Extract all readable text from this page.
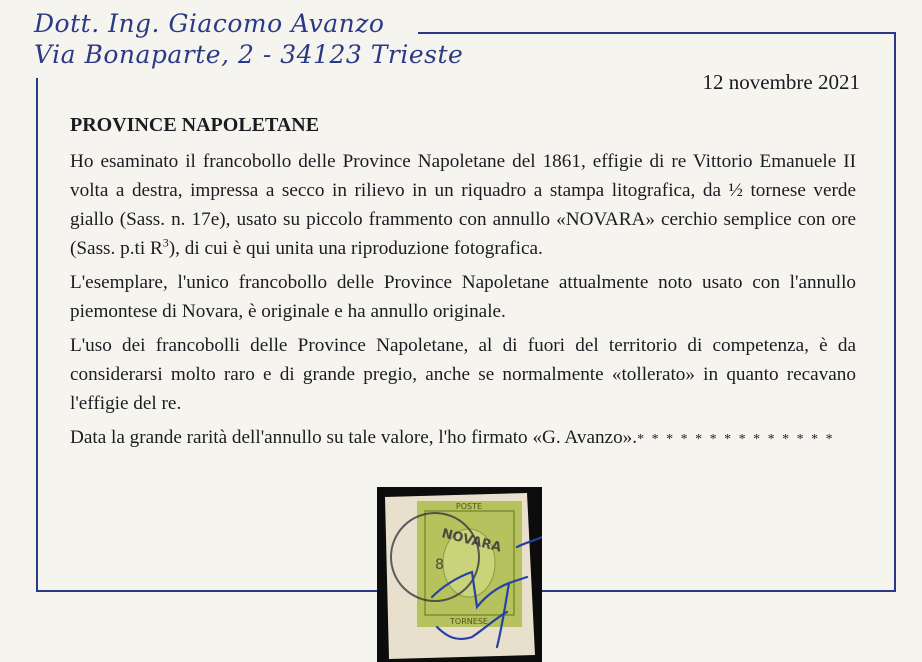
Dott. Ing. Giacomo Avanzo
Via Bonaparte, 2 - 34123 Trieste
12 novembre 2021
PROVINCE NAPOLETANE

Ho esaminato il francobollo delle Province Napoletane del 1861, effigie di re Vittorio Emanuele II volta a destra, impressa a secco in rilievo in un riquadro a stampa litografica, da ½ tornese verde giallo (Sass. n. 17e), usato su piccolo frammento con annullo «NOVARA» cerchio semplice con ore (Sass. p.ti $R^3$), di cui è qui unita una riproduzione fotografica.

L'esemplare, l'unico francobollo delle Province Napoletane attualmente noto usato con l'annullo piemontese di Novara, è originale e ha annullo originale.

L'uso dei francobolli delle Province Napoletane, al di fuori del territorio di competenza, è da considerarsi molto raro e di grande pregio, anche se normalmente «tollerato» in quanto recavano l'effigie del re.

Data la grande rarità dell'annullo su tale valore, l'ho firmato «G. Avanzo».* * * * * * * * * * * * * *

POSTE
TORNESE
NOVARA
8
